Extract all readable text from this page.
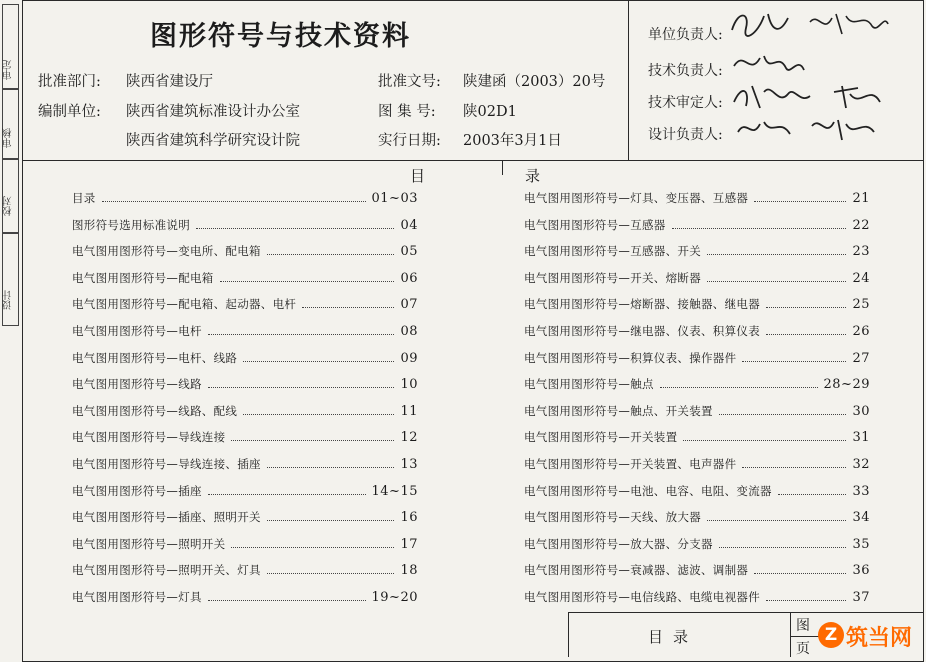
审定
审核
校对
设计
图形符号与技术资料
批准部门: 陕西省建设厅	批准文号: 陕建函（2003）20号
编制单位: 陕西省建筑标准设计办公室
陕西省建筑科学研究设计院
图 集 号: 陕02D1
实行日期: 2003年3月1日
单位负责人:
技术负责人:
技术审定人:
设计负责人:
目	录
目录	01~03
图形符号选用标准说明	04
电气图用图形符号—变电所、配电箱	05
电气图用图形符号—配电箱	06
电气图用图形符号—配电箱、起动器、电杆	07
电气图用图形符号—电杆	08
电气图用图形符号—电杆、线路	09
电气图用图形符号—线路	10
电气图用图形符号—线路、配线	11
电气图用图形符号—导线连接	12
电气图用图形符号—导线连接、插座	13
电气图用图形符号—插座	14~15
电气图用图形符号—插座、照明开关	16
电气图用图形符号—照明开关	17
电气图用图形符号—照明开关、灯具	18
电气图用图形符号—灯具	19~20
电气图用图形符号—灯具、变压器、互感器	21
电气图用图形符号—互感器	22
电气图用图形符号—互感器、开关	23
电气图用图形符号—开关、熔断器	24
电气图用图形符号—熔断器、接触器、继电器	25
电气图用图形符号—继电器、仪表、积算仪表	26
电气图用图形符号—积算仪表、操作器件	27
电气图用图形符号—触点	28~29
电气图用图形符号—触点、开关装置	30
电气图用图形符号—开关装置	31
电气图用图形符号—开关装置、电声器件	32
电气图用图形符号—电池、电容、电阻、变流器	33
电气图用图形符号—天线、放大器	34
电气图用图形符号—放大器、分支器	35
电气图用图形符号—衰减器、滤波、调制器	36
电气图用图形符号—电信线路、电缆电视器件	37
目录
图
页
Z 筑当网
